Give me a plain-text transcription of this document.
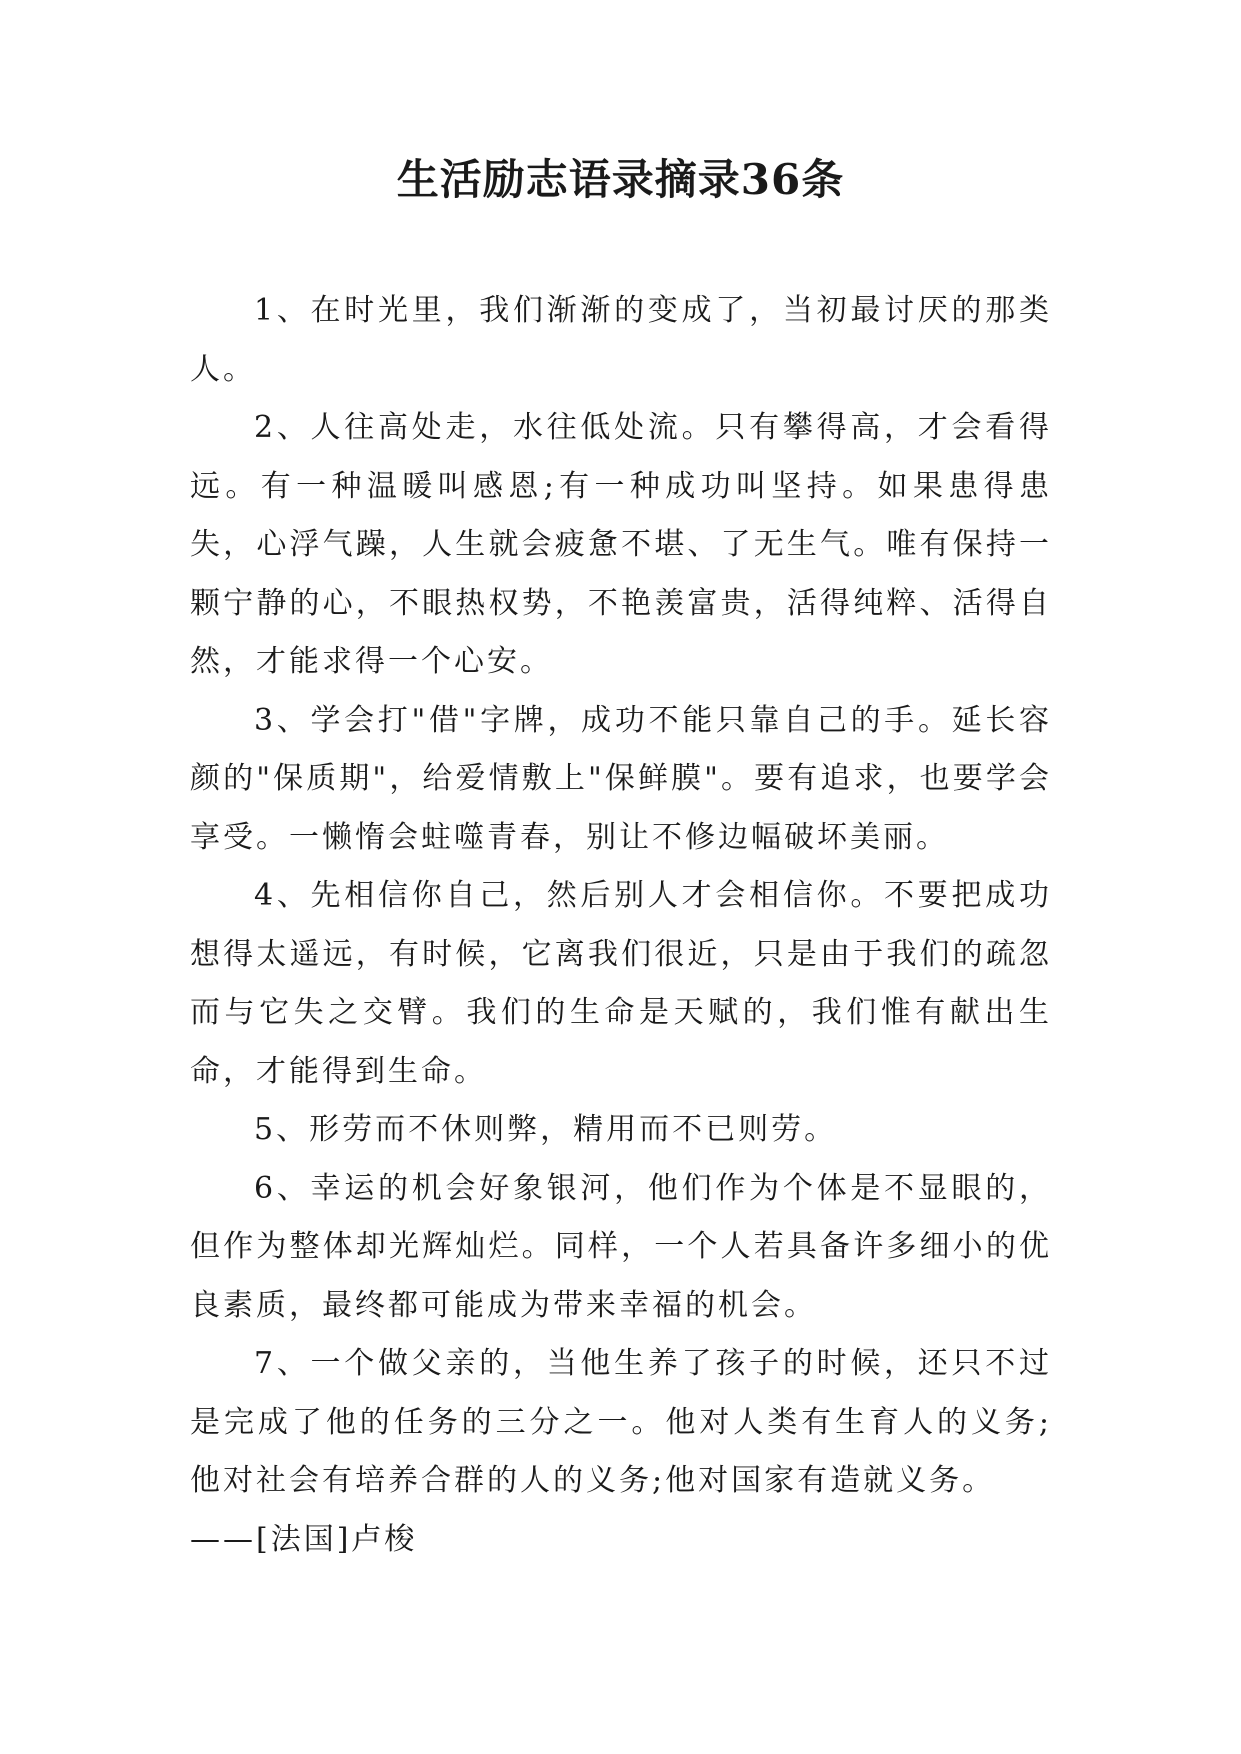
生活励志语录摘录36条

1、在时光里，我们渐渐的变成了，当初最讨厌的那类人。

2、人往高处走，水往低处流。只有攀得高，才会看得远。有一种温暖叫感恩;有一种成功叫坚持。如果患得患失，心浮气躁，人生就会疲惫不堪、了无生气。唯有保持一颗宁静的心，不眼热权势，不艳羡富贵，活得纯粹、活得自然，才能求得一个心安。

3、学会打"借"字牌，成功不能只靠自己的手。延长容颜的"保质期"，给爱情敷上"保鲜膜"。要有追求，也要学会享受。一懒惰会蛀噬青春，别让不修边幅破坏美丽。

4、先相信你自己，然后别人才会相信你。不要把成功想得太遥远，有时候，它离我们很近，只是由于我们的疏忽而与它失之交臂。我们的生命是天赋的，我们惟有献出生命，才能得到生命。

5、形劳而不休则弊，精用而不已则劳。

6、幸运的机会好象银河，他们作为个体是不显眼的，但作为整体却光辉灿烂。同样，一个人若具备许多细小的优良素质，最终都可能成为带来幸福的机会。

7、一个做父亲的，当他生养了孩子的时候，还只不过是完成了他的任务的三分之一。他对人类有生育人的义务;他对社会有培养合群的人的义务;他对国家有造就义务。

——[法国]卢梭
